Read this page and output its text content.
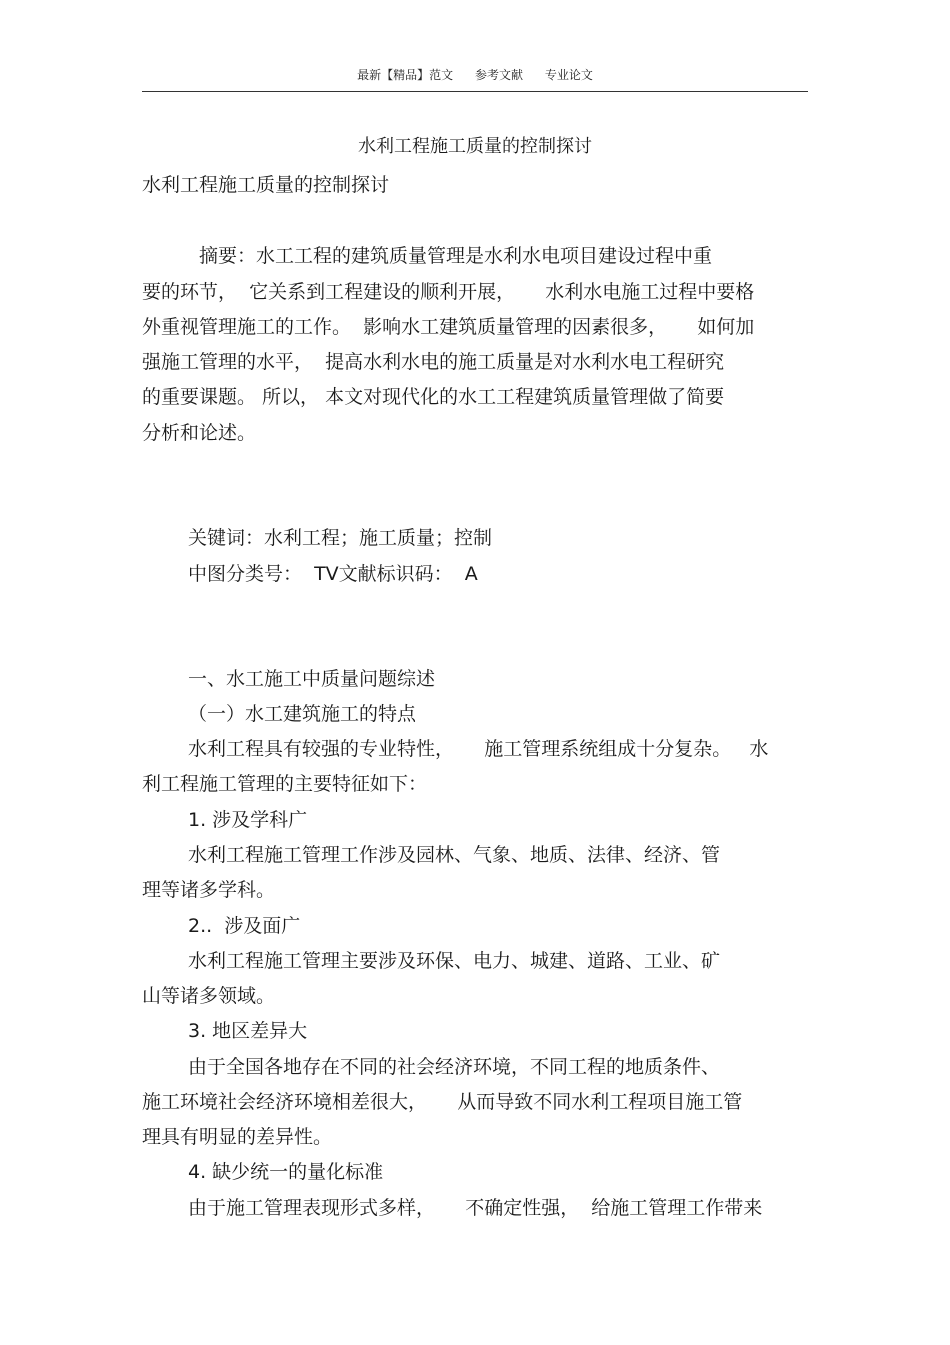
最新【精品】范文 参考文献 专业论文
水利工程施工质量的控制探讨
水利工程施工质量的控制探讨
摘要：水工工程的建筑质量管理是水利水电项目建设过程中重
要的环节，  它关系到工程建设的顺利开展，     水利水电施工过程中要格
外重视管理施工的工作。  影响水工建筑质量管理的因素很多，     如何加
强施工管理的水平，  提高水利水电的施工质量是对水利水电工程研究
的重要课题。 所以， 本文对现代化的水工工程建筑质量管理做了简要
分析和论述。
关键词：水利工程；施工质量；控制
中图分类号：  TV文献标识码：  A
一、水工施工中质量问题综述
（一）水工建筑施工的特点
水利工程具有较强的专业特性，     施工管理系统组成十分复杂。   水
利工程施工管理的主要特征如下：
1. 涉及学科广
水利工程施工管理工作涉及园林、气象、地质、法律、经济、管
理等诸多学科。
2..  涉及面广
水利工程施工管理主要涉及环保、电力、城建、道路、工业、矿
山等诸多领域。
3. 地区差异大
由于全国各地存在不同的社会经济环境，不同工程的地质条件、
施工环境社会经济环境相差很大，     从而导致不同水利工程项目施工管
理具有明显的差异性。
4. 缺少统一的量化标准
由于施工管理表现形式多样，     不确定性强，  给施工管理工作带来
